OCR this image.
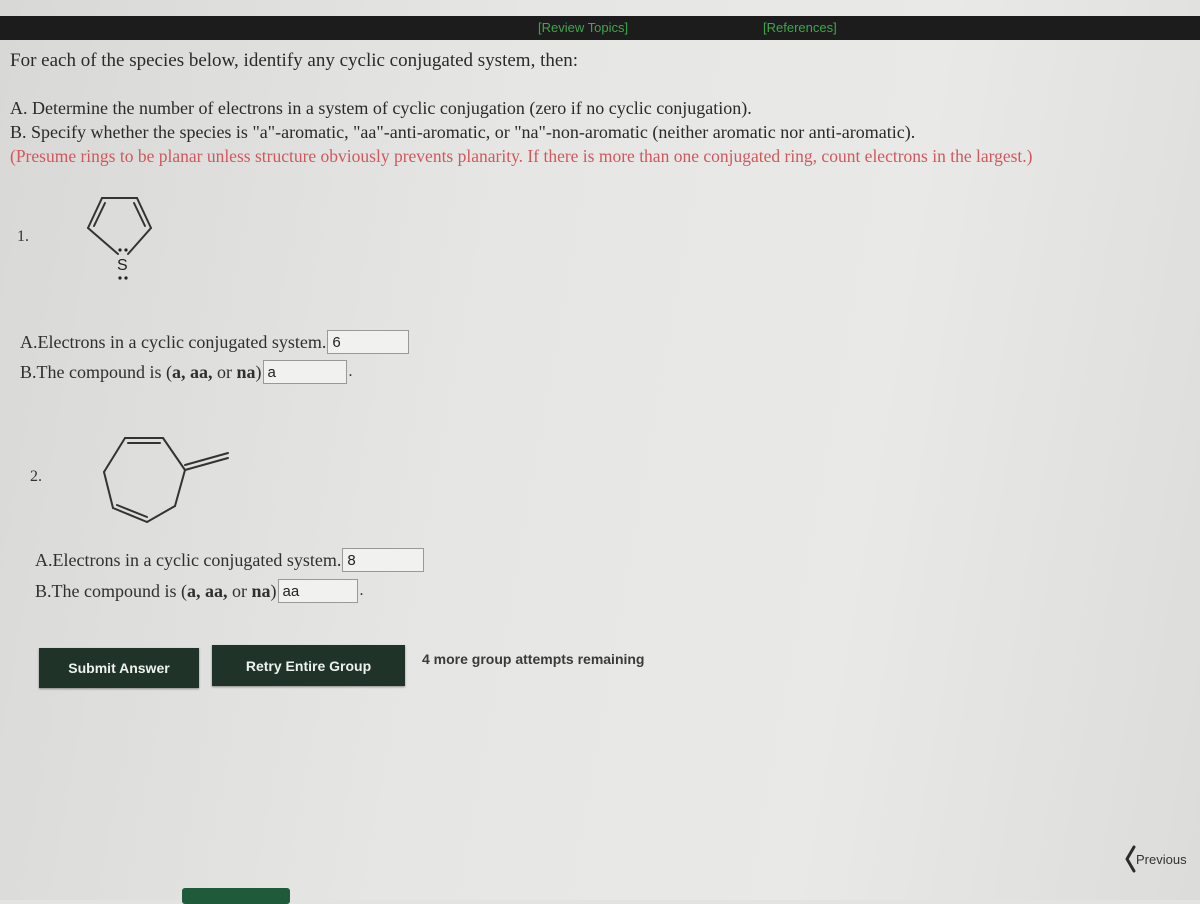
[Review Topics]	[References]
For each of the species below, identify any cyclic conjugated system, then:
A. Determine the number of electrons in a system of cyclic conjugation (zero if no cyclic conjugation).
B. Specify whether the species is "a"-aromatic, "aa"-anti-aromatic, or "na"-non-aromatic (neither aromatic nor anti-aromatic).
(Presume rings to be planar unless structure obviously prevents planarity. If there is more than one conjugated ring, count electrons in the largest.)
1.
S
A.Electrons in a cyclic conjugated system. 6
B.The compound is ( a, aa, or na ) a	.
2.
A.Electrons in a cyclic conjugated system. 8
B.The compound is ( a, aa, or na ) aa	.
Submit Answer	Retry Entire Group	4 more group attempts remaining
Previous
